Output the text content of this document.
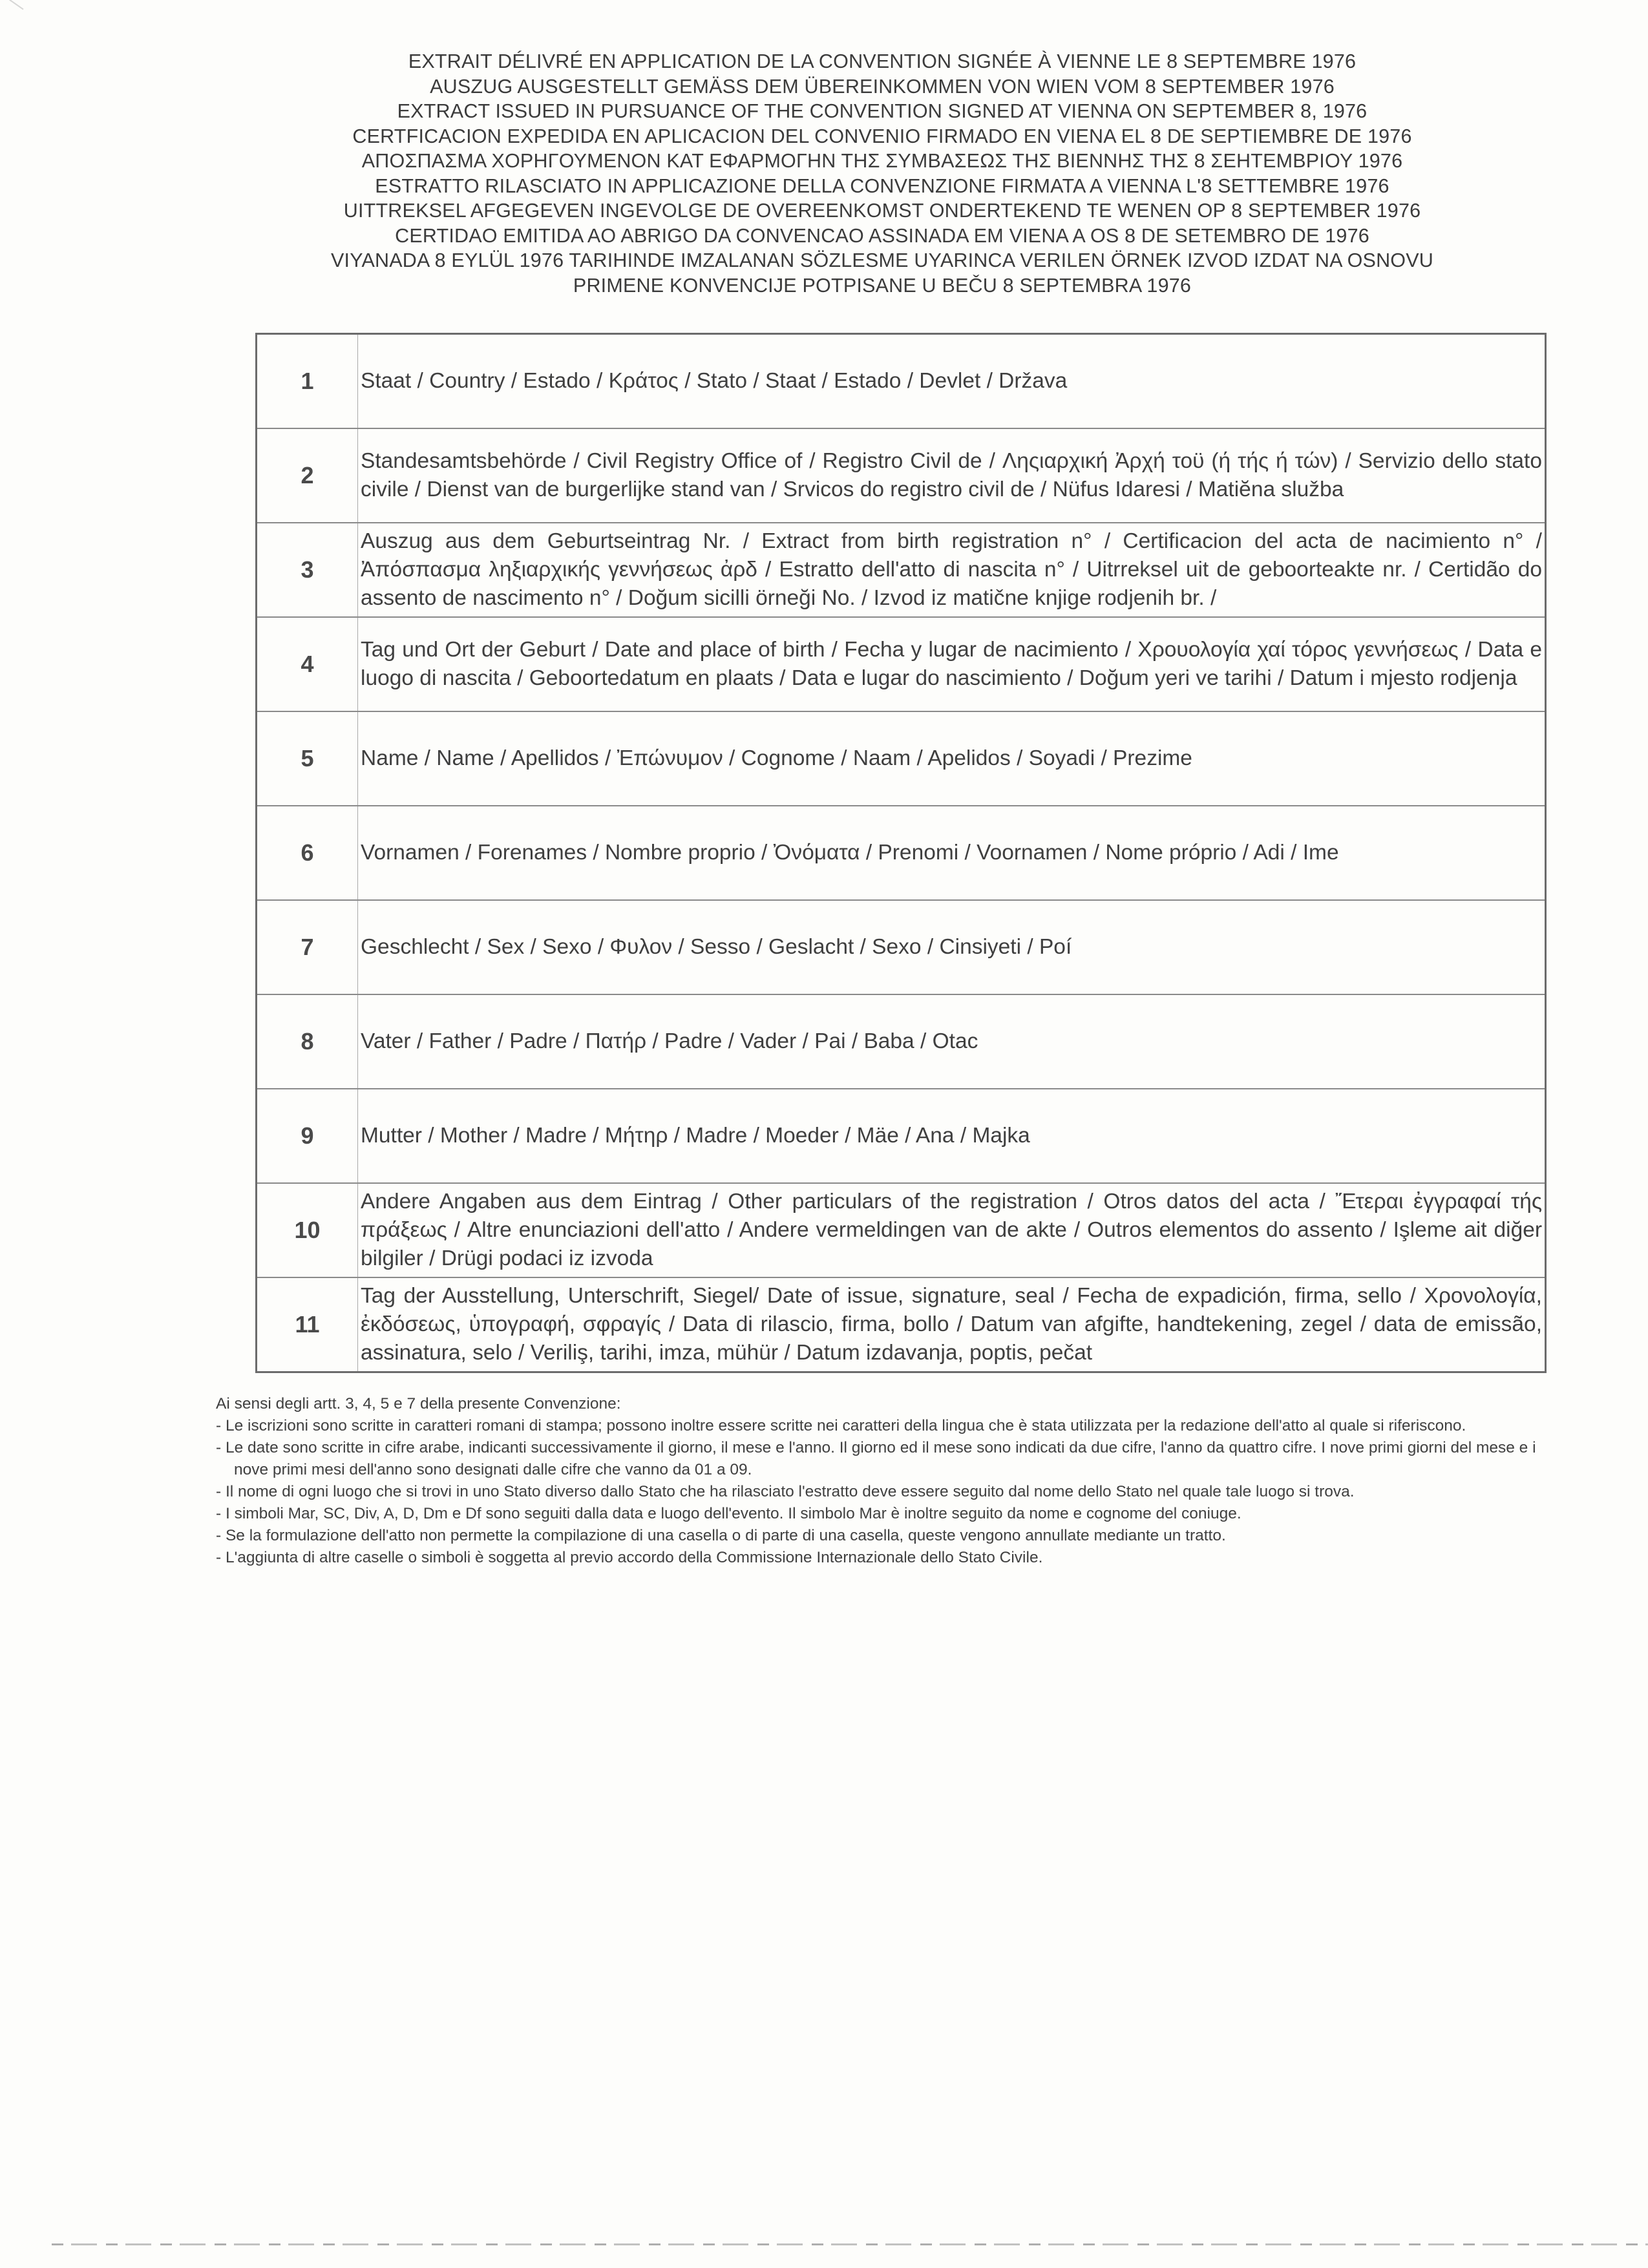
EXTRAIT DÉLIVRÉ EN APPLICATION DE LA CONVENTION SIGNÉE À VIENNE LE 8 SEPTEMBRE 1976
AUSZUG AUSGESTELLT GEMÄSS DEM ÜBEREINKOMMEN VON WIEN VOM 8 SEPTEMBER 1976
EXTRACT ISSUED IN PURSUANCE OF THE CONVENTION SIGNED AT VIENNA ON SEPTEMBER 8, 1976
CERTFICACION EXPEDIDA EN APLICACION DEL CONVENIO FIRMADO EN VIENA EL 8 DE SEPTIEMBRE DE 1976
ΑΠΟΣΠΑΣΜΑ ΧΟΡΗΓΟΥΜΕΝΟΝ ΚΑΤ ΕΦΑΡΜΟΓΗΝ ΤΗΣ ΣΥΜΒΑΣΕΩΣ ΤΗΣ ΒΙΕΝΝΗΣ ΤΗΣ 8 ΣΕΗΤΕΜΒΡΙΟΥ 1976
ESTRATTO RILASCIATO IN APPLICAZIONE DELLA CONVENZIONE FIRMATA A VIENNA L'8 SETTEMBRE 1976
UITTREKSEL AFGEGEVEN INGEVOLGE DE OVEREENKOMST ONDERTEKEND TE WENEN OP 8 SEPTEMBER 1976
CERTIDAO EMITIDA AO ABRIGO DA CONVENCAO ASSINADA EM VIENA A OS 8 DE SETEMBRO DE 1976
VIYANADA 8 EYLÜL 1976 TARIHINDE IMZALANAN SÖZLESME UYARINCA VERILEN ÖRNEK IZVOD IZDAT NA OSNOVU
PRIMENE KONVENCIJE POTPISANE U BEČU 8 SEPTEMBRA 1976
1	Staat / Country / Estado / Κράτος / Stato / Staat / Estado / Devlet / Država
2	Standesamtsbehörde / Civil Registry Office of / Registro Civil de / Ληςιαρχική Ἀρχή τοϋ (ή τής ή τών) / Servizio dello stato civile / Dienst van de burgerlijke stand van / Srvicos do registro civil de / Nüfus Idaresi / Matiĕna služba
3	Auszug aus dem Geburtseintrag Nr. / Extract from birth registration n° / Certificacion del acta de nacimiento n° / Ἀπόσπασμα ληξιαρχικής γεννήσεως ἀρδ / Estratto dell'atto di nascita n° / Uitrreksel uit de geboorteakte nr. / Certidão do assento de nascimento n° / Doğum sicilli örneği No. / Izvod iz matične knjige rodjenih br. /
4	Tag und Ort der Geburt / Date and place of birth / Fecha y lugar de nacimiento / Χρουολογία χαί τόρος γεννήσεως / Data e luogo di nascita / Geboortedatum en plaats / Data e lugar do nascimiento / Doğum yeri ve tarihi / Datum i mjesto rodjenja
5	Name / Name / Apellidos / Ἐπώνυμον / Cognome / Naam / Apelidos / Soyadi / Prezime
6	Vornamen / Forenames / Nombre proprio / Ὀνόματα / Prenomi / Voornamen / Nome próprio / Adi / Ime
7	Geschlecht / Sex / Sexo / Φυλον / Sesso / Geslacht / Sexo / Cinsiyeti / Poí
8	Vater / Father / Padre / Πατήρ / Padre / Vader / Pai / Baba / Otac
9	Mutter / Mother / Madre / Μήτηρ / Madre / Moeder / Mäe / Ana / Majka
10	Andere Angaben aus dem Eintrag / Other particulars of the registration / Otros datos del acta / Ἔτεραι ἐγγραφαί τής πράξεως / Altre enunciazioni dell'atto / Andere vermeldingen van de akte / Outros elementos do assento / Işleme ait diğer bilgiler / Drügi podaci iz izvoda
11	Tag der Ausstellung, Unterschrift, Siegel/ Date of issue, signature, seal / Fecha de expadición, firma, sello / Χρονολογία, ἐκδόσεως, ὑπογραφή, σφραγίς / Data di rilascio, firma, bollo / Datum van afgifte, handtekening, zegel / data de emissão, assinatura, selo / Veriliş, tarihi, imza, mühür / Datum izdavanja, poptis, pečat
Ai sensi degli artt. 3, 4, 5 e 7 della presente Convenzione:
- Le iscrizioni sono scritte in caratteri romani di stampa; possono inoltre essere scritte nei caratteri della lingua che è stata utilizzata per la redazione dell'atto al quale si riferiscono.
- Le date sono scritte in cifre arabe, indicanti successivamente il giorno, il mese e l'anno. Il giorno ed il mese sono indicati da due cifre, l'anno da quattro cifre. I nove primi giorni del mese e i nove primi mesi dell'anno sono designati dalle cifre che vanno da 01 a 09.
- Il nome di ogni luogo che si trovi in uno Stato diverso dallo Stato che ha rilasciato l'estratto deve essere seguito dal nome dello Stato nel quale tale luogo si trova.
- I simboli Mar, SC, Div, A, D, Dm e Df sono seguiti dalla data e luogo dell'evento. Il simbolo Mar è inoltre seguito da nome e cognome del coniuge.
- Se la formulazione dell'atto non permette la compilazione di una casella o di parte di una casella, queste vengono annullate mediante un tratto.
- L'aggiunta di altre caselle o simboli è soggetta al previo accordo della Commissione Internazionale dello Stato Civile.
